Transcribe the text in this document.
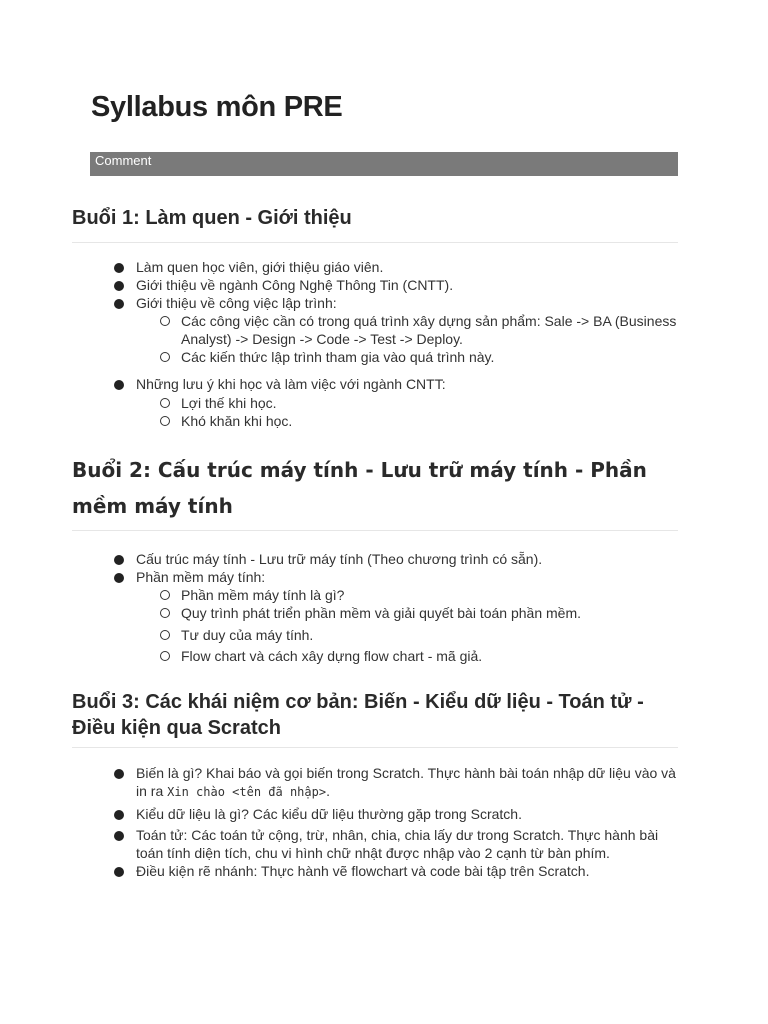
Syllabus môn PRE
Comment
Buổi 1: Làm quen - Giới thiệu
Làm quen học viên, giới thiệu giáo viên.
Giới thiệu về ngành Công Nghệ Thông Tin (CNTT).
Giới thiệu về công việc lập trình:
Các công việc cần có trong quá trình xây dựng sản phẩm: Sale -> BA (Business Analyst) -> Design -> Code -> Test -> Deploy.
Các kiến thức lập trình tham gia vào quá trình này.
Những lưu ý khi học và làm việc với ngành CNTT:
Lợi thế khi học.
Khó khăn khi học.
Buổi 2: Cấu trúc máy tính - Lưu trữ máy tính - Phần mềm máy tính
Cấu trúc máy tính - Lưu trữ máy tính (Theo chương trình có sẵn).
Phần mềm máy tính:
Phần mềm máy tính là gì?
Quy trình phát triển phần mềm và giải quyết bài toán phần mềm.
Tư duy của máy tính.
Flow chart và cách xây dựng flow chart - mã giả.
Buổi 3: Các khái niệm cơ bản: Biến - Kiểu dữ liệu - Toán tử - Điều kiện qua Scratch
Biến là gì? Khai báo và gọi biến trong Scratch. Thực hành bài toán nhập dữ liệu vào và in ra Xin chào <tên đã nhập>.
Kiểu dữ liệu là gì? Các kiểu dữ liệu thường gặp trong Scratch.
Toán tử: Các toán tử cộng, trừ, nhân, chia, chia lấy dư trong Scratch. Thực hành bài toán tính diện tích, chu vi hình chữ nhật được nhập vào 2 cạnh từ bàn phím.
Điều kiện rẽ nhánh: Thực hành vẽ flowchart và code bài tập trên Scratch.
